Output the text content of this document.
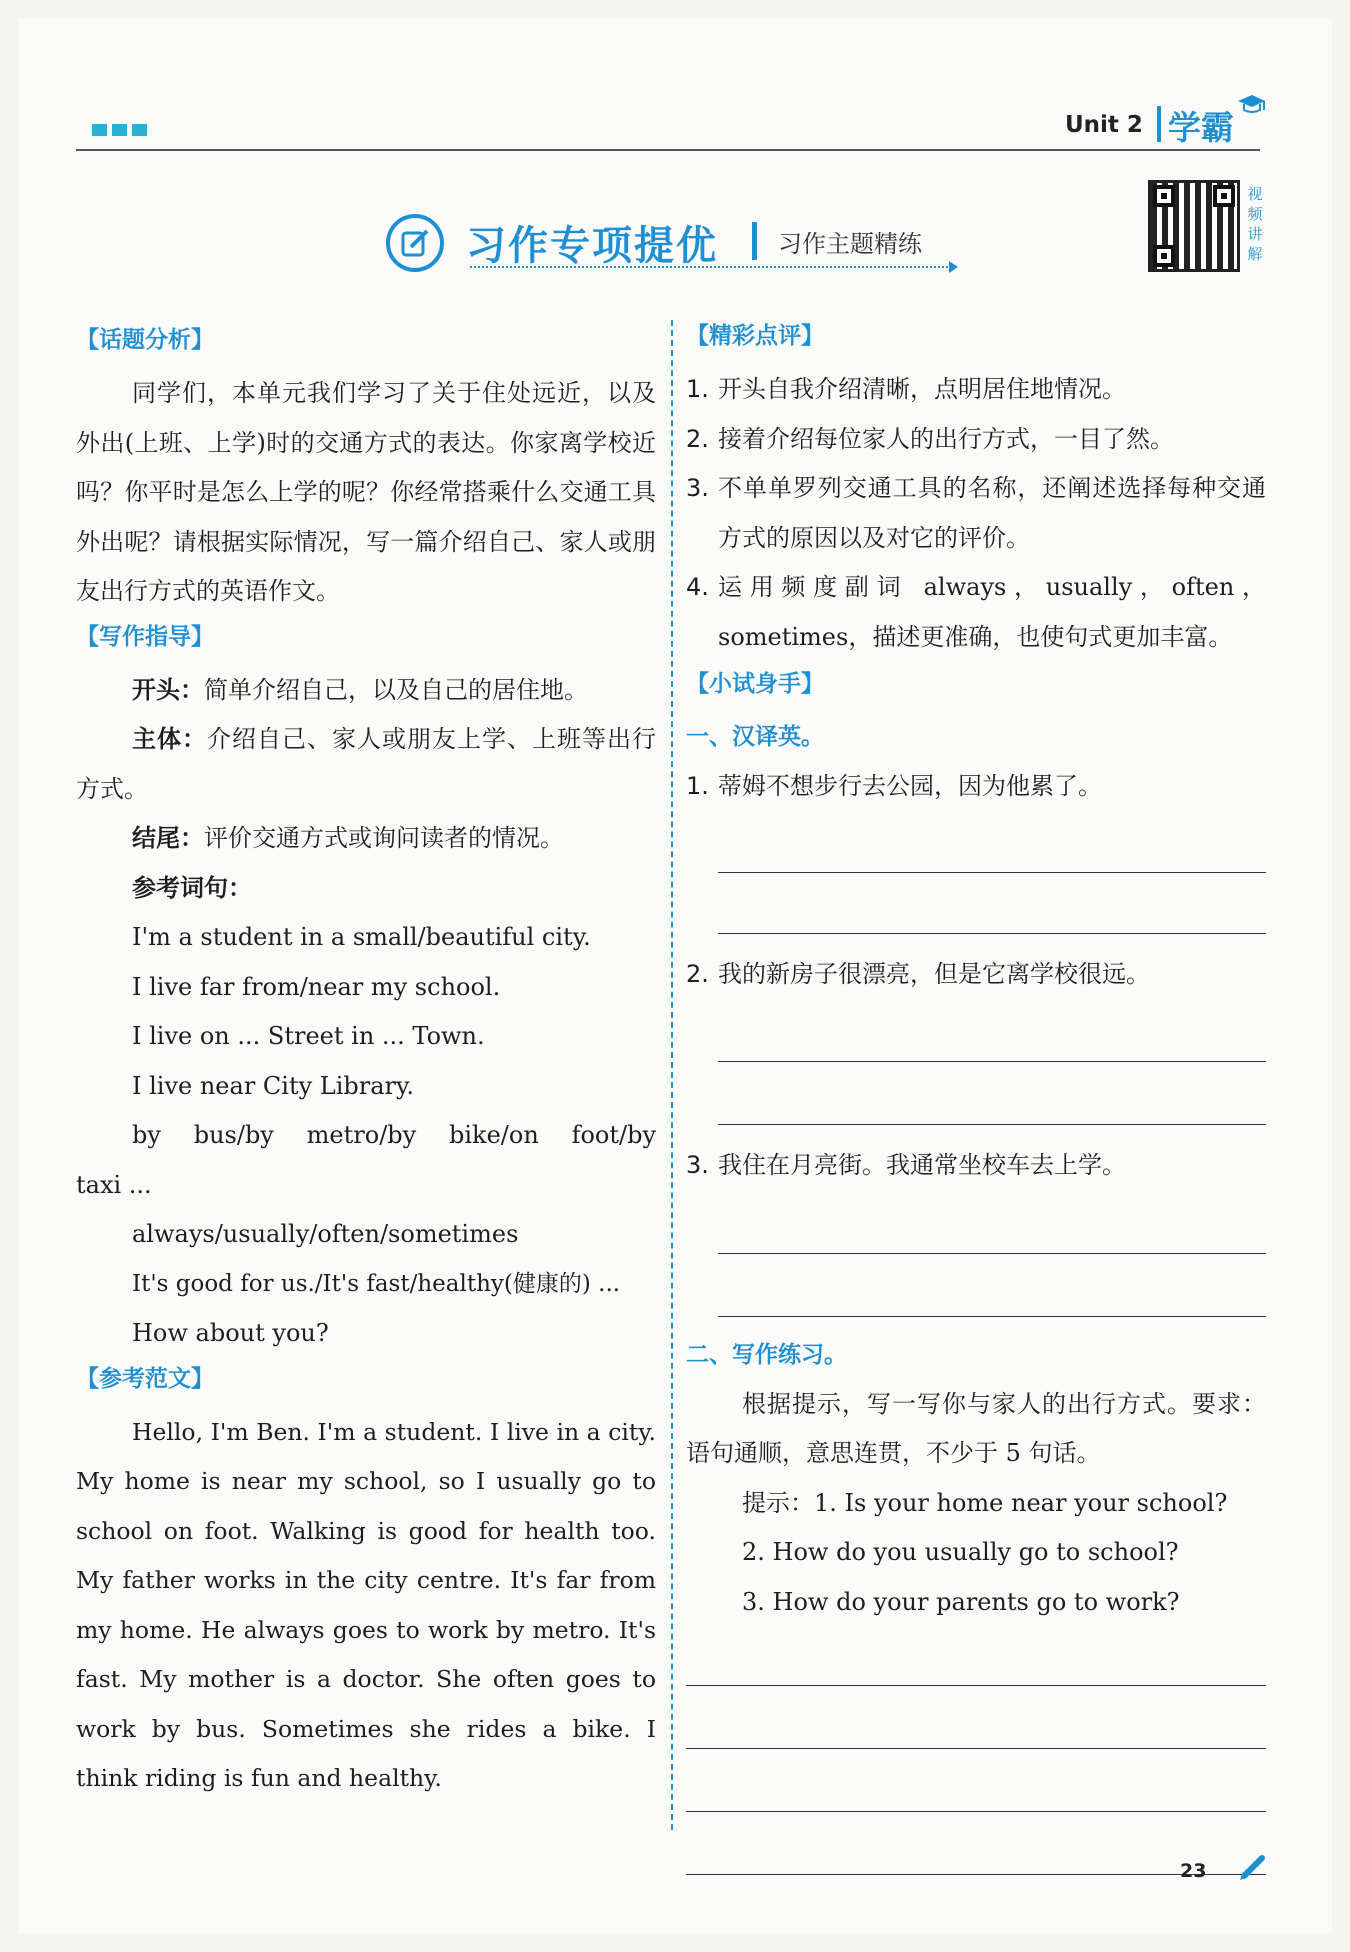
Unit 2 学霸
习作专项提优	习作主题精练
视
频
讲
解
【话题分析】
同学们，本单元我们学习了关于住处远近，以及外出(上班、上学)时的交通方式的表达。你家离学校近吗？你平时是怎么上学的呢？你经常搭乘什么交通工具外出呢？请根据实际情况，写一篇介绍自己、家人或朋友出行方式的英语作文。
【写作指导】
开头：简单介绍自己，以及自己的居住地。
主体：介绍自己、家人或朋友上学、上班等出行方式。
结尾：评价交通方式或询问读者的情况。
参考词句：
I'm a student in a small/beautiful city.
I live far from/near my school.
I live on ... Street in ... Town.
I live near City Library.
by bus/by metro/by bike/on foot/by
taxi ...
always/usually/often/sometimes
It's good for us./It's fast/healthy(健康的) ...
How about you?
【参考范文】
Hello, I'm Ben. I'm a student. I live in a city. My home is near my school, so I usually go to school on foot. Walking is good for health too. My father works in the city centre. It's far from my home. He always goes to work by metro. It's fast. My mother is a doctor. She often goes to work by bus. Sometimes she rides a bike. I think riding is fun and healthy.
【精彩点评】
1. 开头自我介绍清晰，点明居住地情况。
2. 接着介绍每位家人的出行方式，一目了然。
3. 不单单罗列交通工具的名称，还阐述选择每种交通方式的原因以及对它的评价。
4. 运用频度副词 always，usually，often，sometimes，描述更准确，也使句式更加丰富。
【小试身手】
一、汉译英。
1. 蒂姆不想步行去公园，因为他累了。
2. 我的新房子很漂亮，但是它离学校很远。
3. 我住在月亮街。我通常坐校车去上学。
二、写作练习。
根据提示，写一写你与家人的出行方式。要求：语句通顺，意思连贯，不少于 5 句话。
提示：1. Is your home near your school?
2. How do you usually go to school?
3. How do your parents go to work?
23
